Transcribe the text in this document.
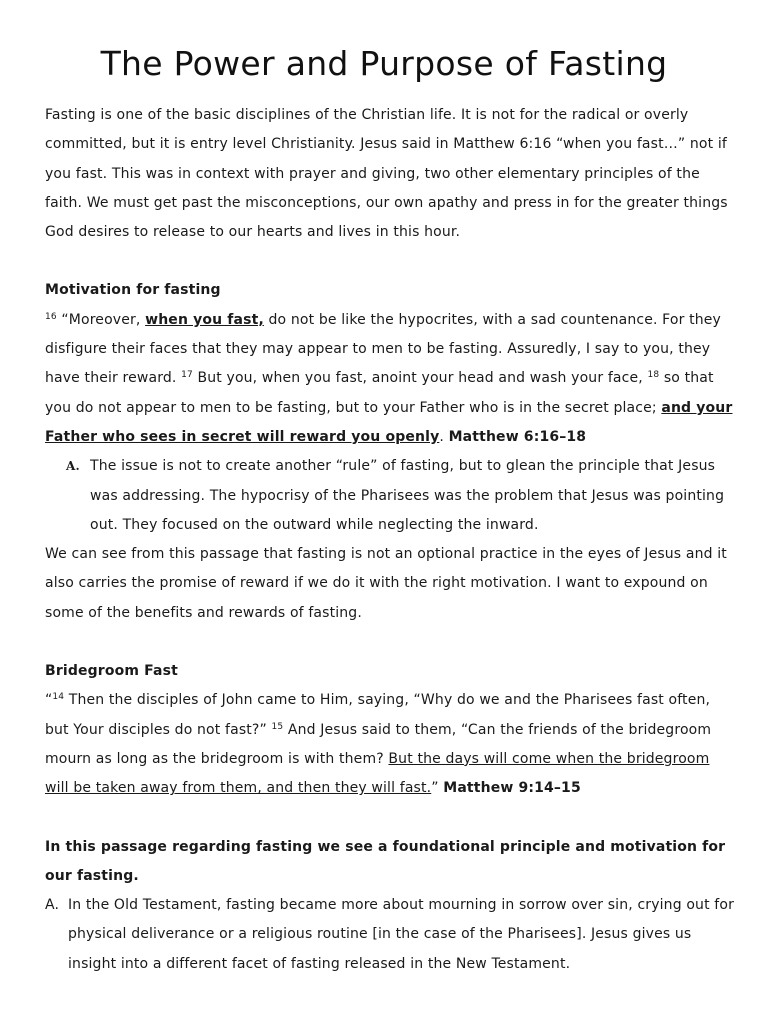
The Power and Purpose of Fasting

Fasting is one of the basic disciplines of the Christian life. It is not for the radical or overly committed, but it is entry level Christianity. Jesus said in Matthew 6:16 “when you fast…” not if you fast. This was in context with prayer and giving, two other elementary principles of the faith. We must get past the misconceptions, our own apathy and press in for the greater things God desires to release to our hearts and lives in this hour.

Motivation for fasting

$^{16}$ “Moreover, when you fast, do not be like the hypocrites, with a sad countenance. For they disfigure their faces that they may appear to men to be fasting. Assuredly, I say to you, they have their reward. $^{17}$ But you, when you fast, anoint your head and wash your face, $^{18}$ so that you do not appear to men to be fasting, but to your Father who is in the secret place; and your Father who sees in secret will reward you openly. Matthew 6:16–18

A. The issue is not to create another “rule” of fasting, but to glean the principle that Jesus was addressing. The hypocrisy of the Pharisees was the problem that Jesus was pointing out. They focused on the outward while neglecting the inward.

We can see from this passage that fasting is not an optional practice in the eyes of Jesus and it also carries the promise of reward if we do it with the right motivation. I want to expound on some of the benefits and rewards of fasting.

Bridegroom Fast

“$^{14}$ Then the disciples of John came to Him, saying, “Why do we and the Pharisees fast often, but Your disciples do not fast?” $^{15}$ And Jesus said to them, “Can the friends of the bridegroom mourn as long as the bridegroom is with them? But the days will come when the bridegroom will be taken away from them, and then they will fast.” Matthew 9:14–15

In this passage regarding fasting we see a foundational principle and motivation for our fasting.

A. In the Old Testament, fasting became more about mourning in sorrow over sin, crying out for physical deliverance or a religious routine [in the case of the Pharisees]. Jesus gives us insight into a different facet of fasting released in the New Testament.
